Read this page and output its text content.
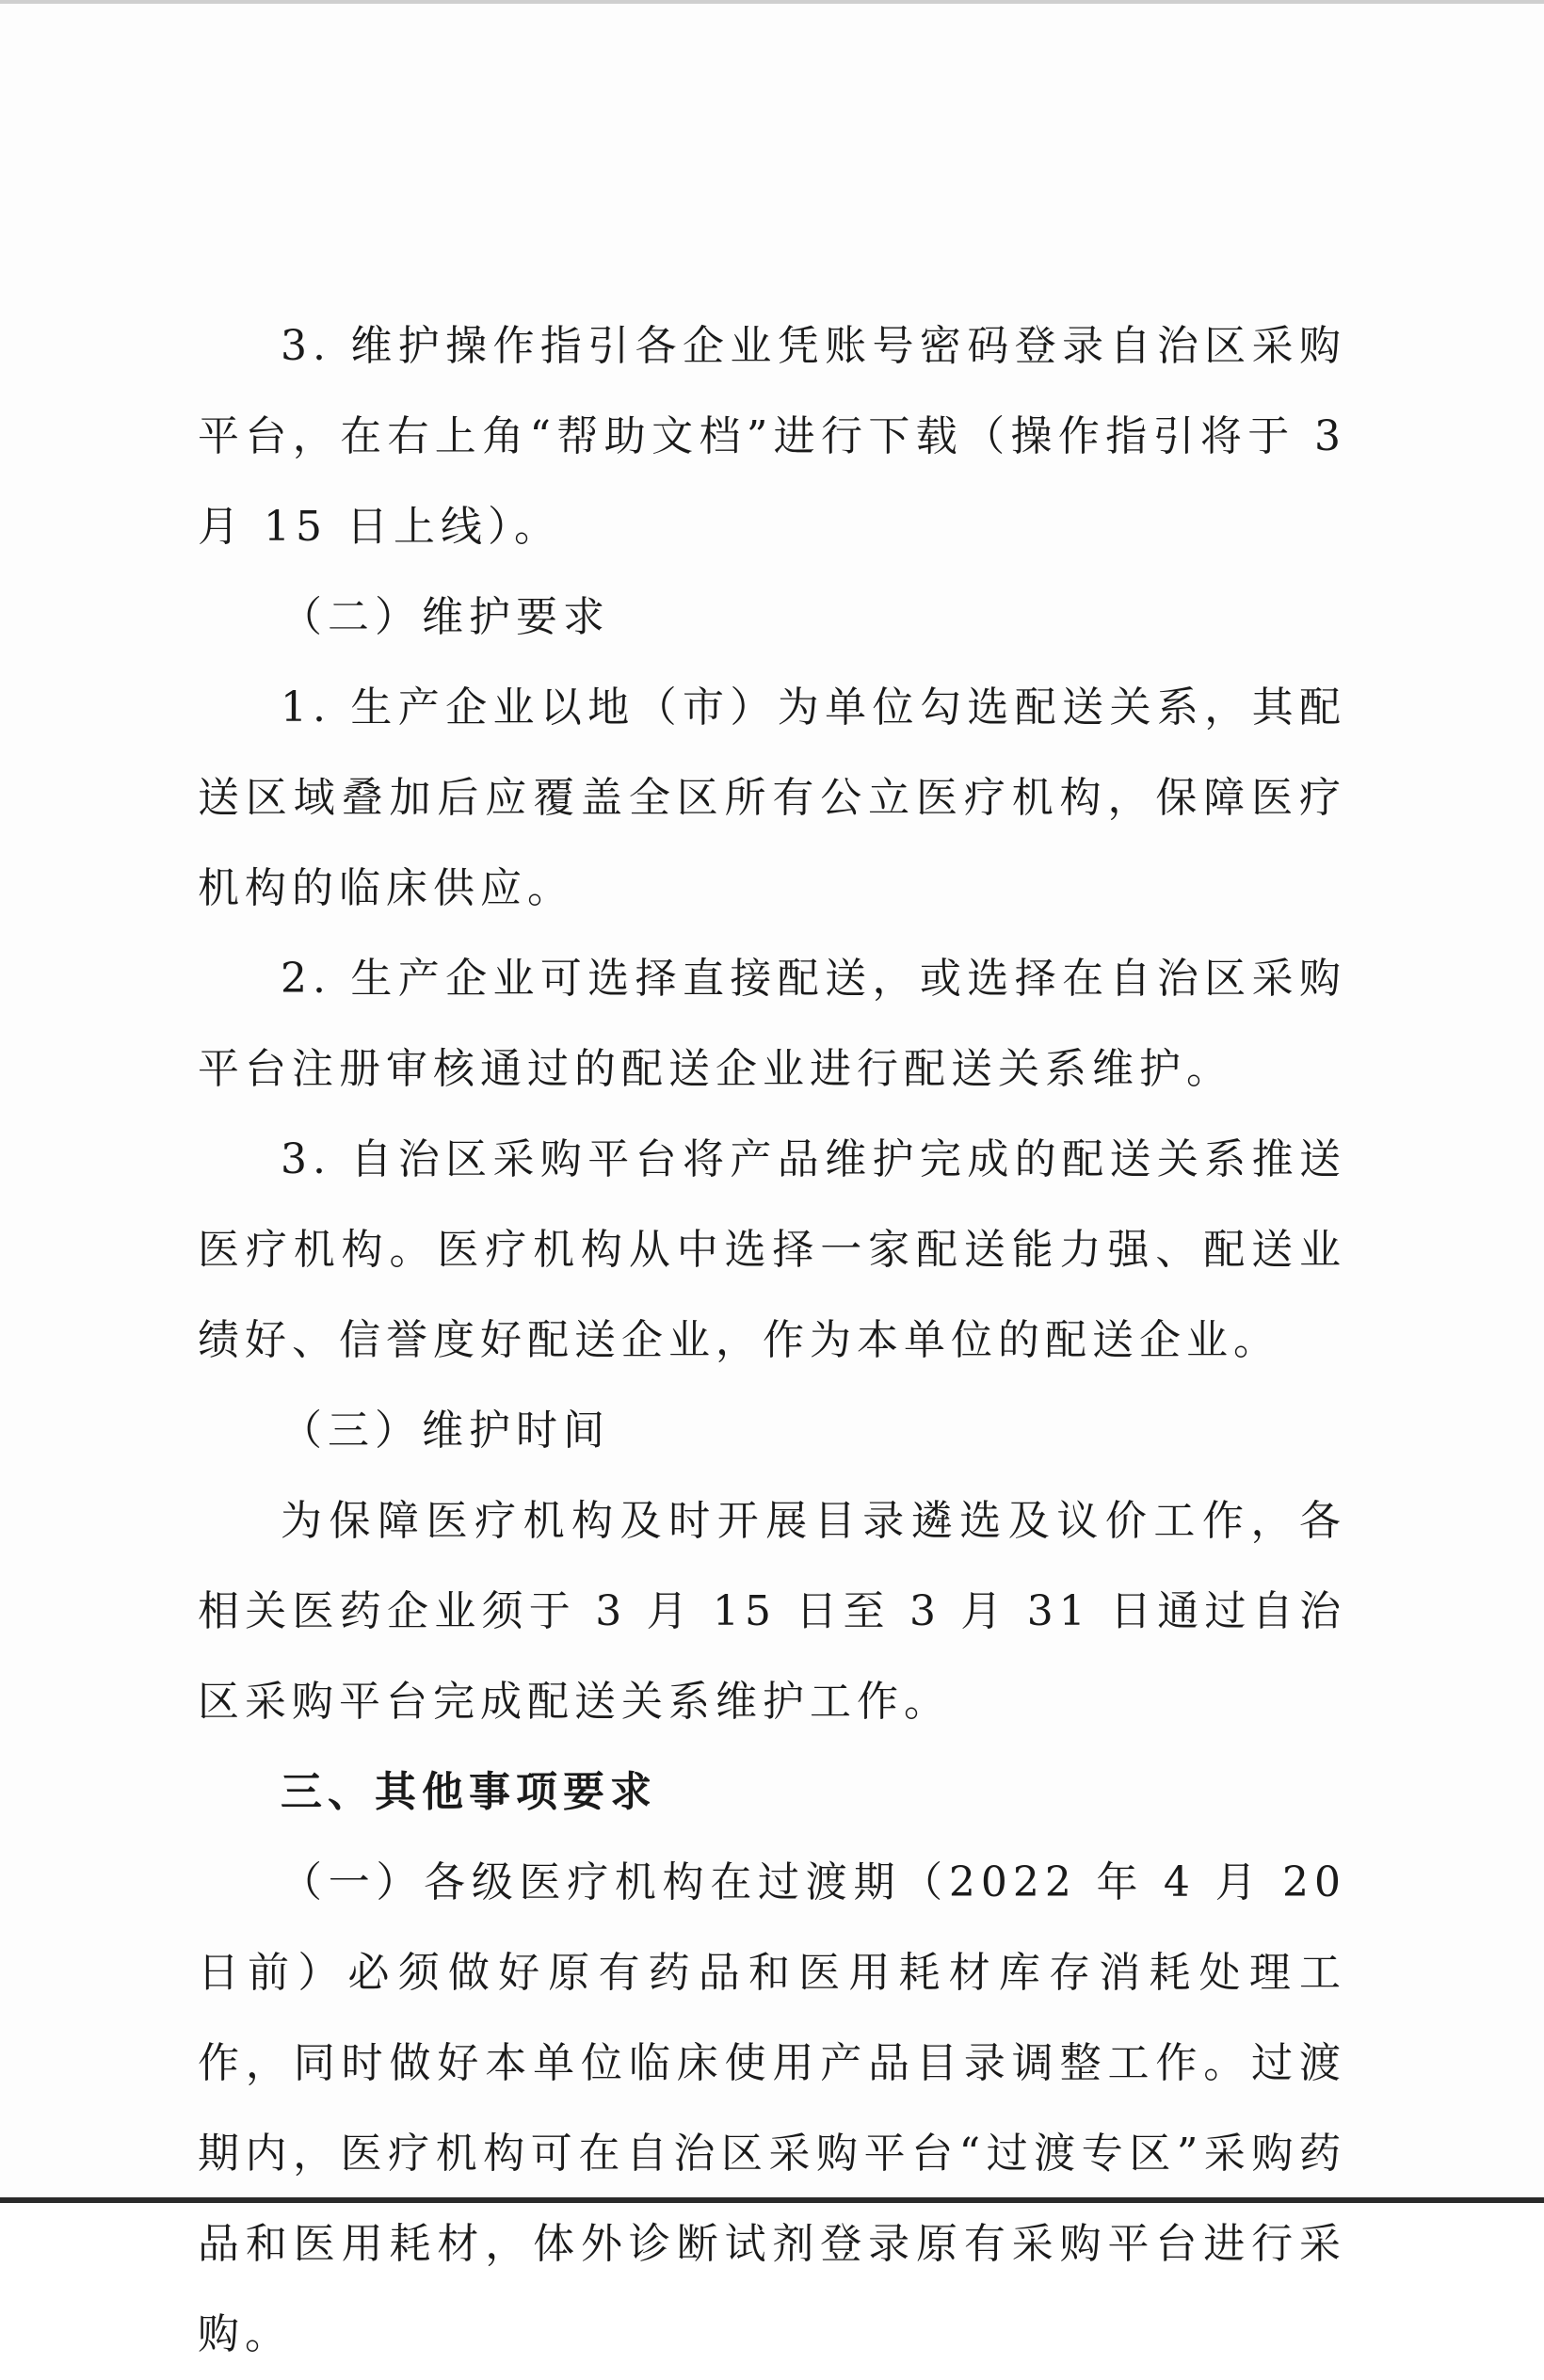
3. 维护操作指引各企业凭账号密码登录自治区采购平台，在右上角“帮助文档”进行下载（操作指引将于 3 月 15 日上线）。

（二）维护要求

1. 生产企业以地（市）为单位勾选配送关系，其配送区域叠加后应覆盖全区所有公立医疗机构，保障医疗机构的临床供应。

2. 生产企业可选择直接配送，或选择在自治区采购平台注册审核通过的配送企业进行配送关系维护。

3. 自治区采购平台将产品维护完成的配送关系推送医疗机构。医疗机构从中选择一家配送能力强、配送业绩好、信誉度好配送企业，作为本单位的配送企业。

（三）维护时间

为保障医疗机构及时开展目录遴选及议价工作，各相关医药企业须于 3 月 15 日至 3 月 31 日通过自治区采购平台完成配送关系维护工作。

三、其他事项要求

（一）各级医疗机构在过渡期（2022 年 4 月 20 日前）必须做好原有药品和医用耗材库存消耗处理工作，同时做好本单位临床使用产品目录调整工作。过渡期内，医疗机构可在自治区采购平台“过渡专区”采购药品和医用耗材，体外诊断试剂登录原有采购平台进行采购。
